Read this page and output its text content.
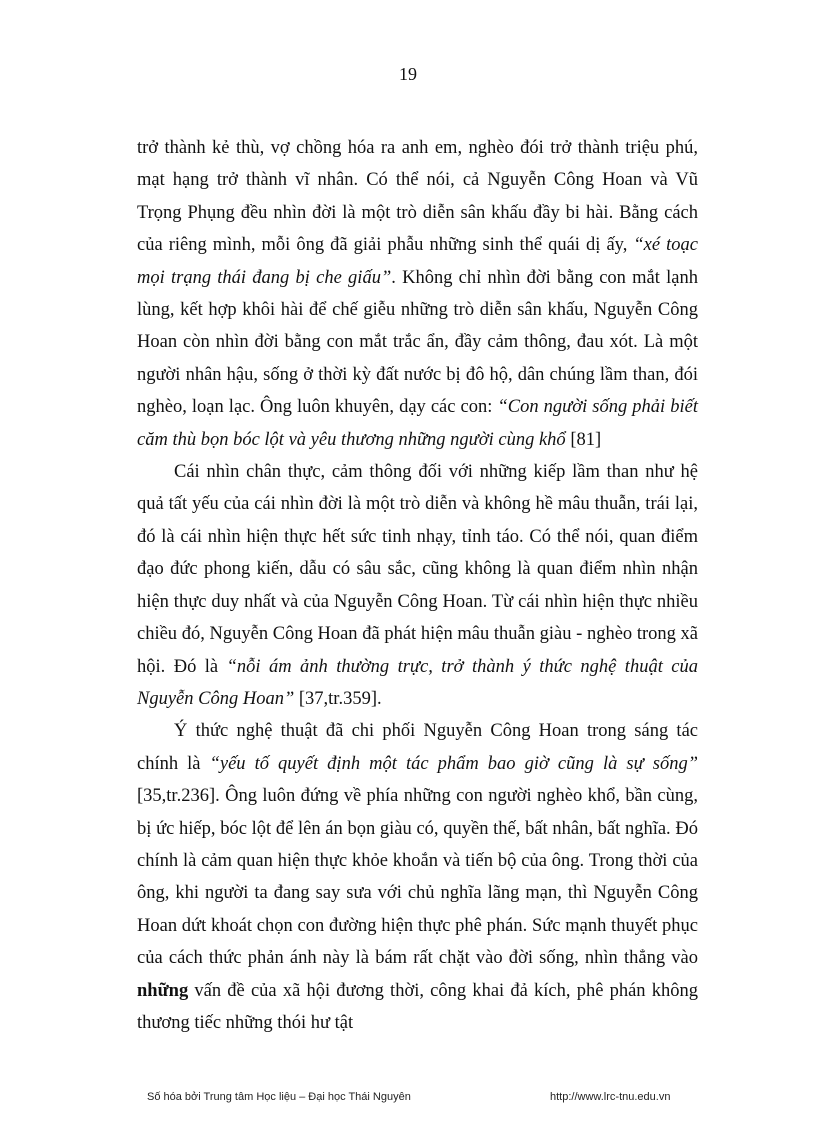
19

trở thành kẻ thù, vợ chồng hóa ra anh em, nghèo đói trở thành triệu phú, mạt hạng trở thành vĩ nhân. Có thể nói, cả Nguyễn Công Hoan và Vũ Trọng Phụng đều nhìn đời là một trò diễn sân khấu đầy bi hài. Bằng cách của riêng mình, mỗi ông đã giải phẫu những sinh thể quái dị ấy, “xé toạc mọi trạng thái đang bị che giấu”. Không chỉ nhìn đời bằng con mắt lạnh lùng, kết hợp khôi hài để chế giễu những trò diễn sân khấu, Nguyễn Công Hoan còn nhìn đời bằng con mắt trắc ẩn, đầy cảm thông, đau xót. Là một người nhân hậu, sống ở thời kỳ đất nước bị đô hộ, dân chúng lầm than, đói nghèo, loạn lạc. Ông luôn khuyên, dạy các con: “Con người sống phải biết căm thù bọn bóc lột và yêu thương những người cùng khổ [81]

Cái nhìn chân thực, cảm thông đối với những kiếp lầm than như hệ quả tất yếu của cái nhìn đời là một trò diễn và không hề mâu thuẫn, trái lại, đó là cái nhìn hiện thực hết sức tinh nhạy, tỉnh táo. Có thể nói, quan điểm đạo đức phong kiến, dẫu có sâu sắc, cũng không là quan điểm nhìn nhận hiện thực duy nhất và của Nguyễn Công Hoan. Từ cái nhìn hiện thực nhiều chiều đó, Nguyễn Công Hoan đã phát hiện mâu thuẫn giàu - nghèo trong xã hội. Đó là “nỗi ám ảnh thường trực, trở thành ý thức nghệ thuật của Nguyễn Công Hoan” [37,tr.359].

Ý thức nghệ thuật đã chi phối Nguyễn Công Hoan trong sáng tác chính là “yếu tố quyết định một tác phẩm bao giờ cũng là sự sống” [35,tr.236]. Ông luôn đứng về phía những con người nghèo khổ, bần cùng, bị ức hiếp, bóc lột để lên án bọn giàu có, quyền thế, bất nhân, bất nghĩa. Đó chính là cảm quan hiện thực khỏe khoắn và tiến bộ của ông. Trong thời của ông, khi người ta đang say sưa với chủ nghĩa lãng mạn, thì Nguyễn Công Hoan dứt khoát chọn con đường hiện thực phê phán. Sức mạnh thuyết phục của cách thức phản ánh này là bám rất chặt vào đời sống, nhìn thẳng vào những vấn đề của xã hội đương thời, công khai đả kích, phê phán không thương tiếc những thói hư tật

Số hóa bởi Trung tâm Học liệu – Đại học Thái Nguyên	http://www.lrc-tnu.edu.vn
